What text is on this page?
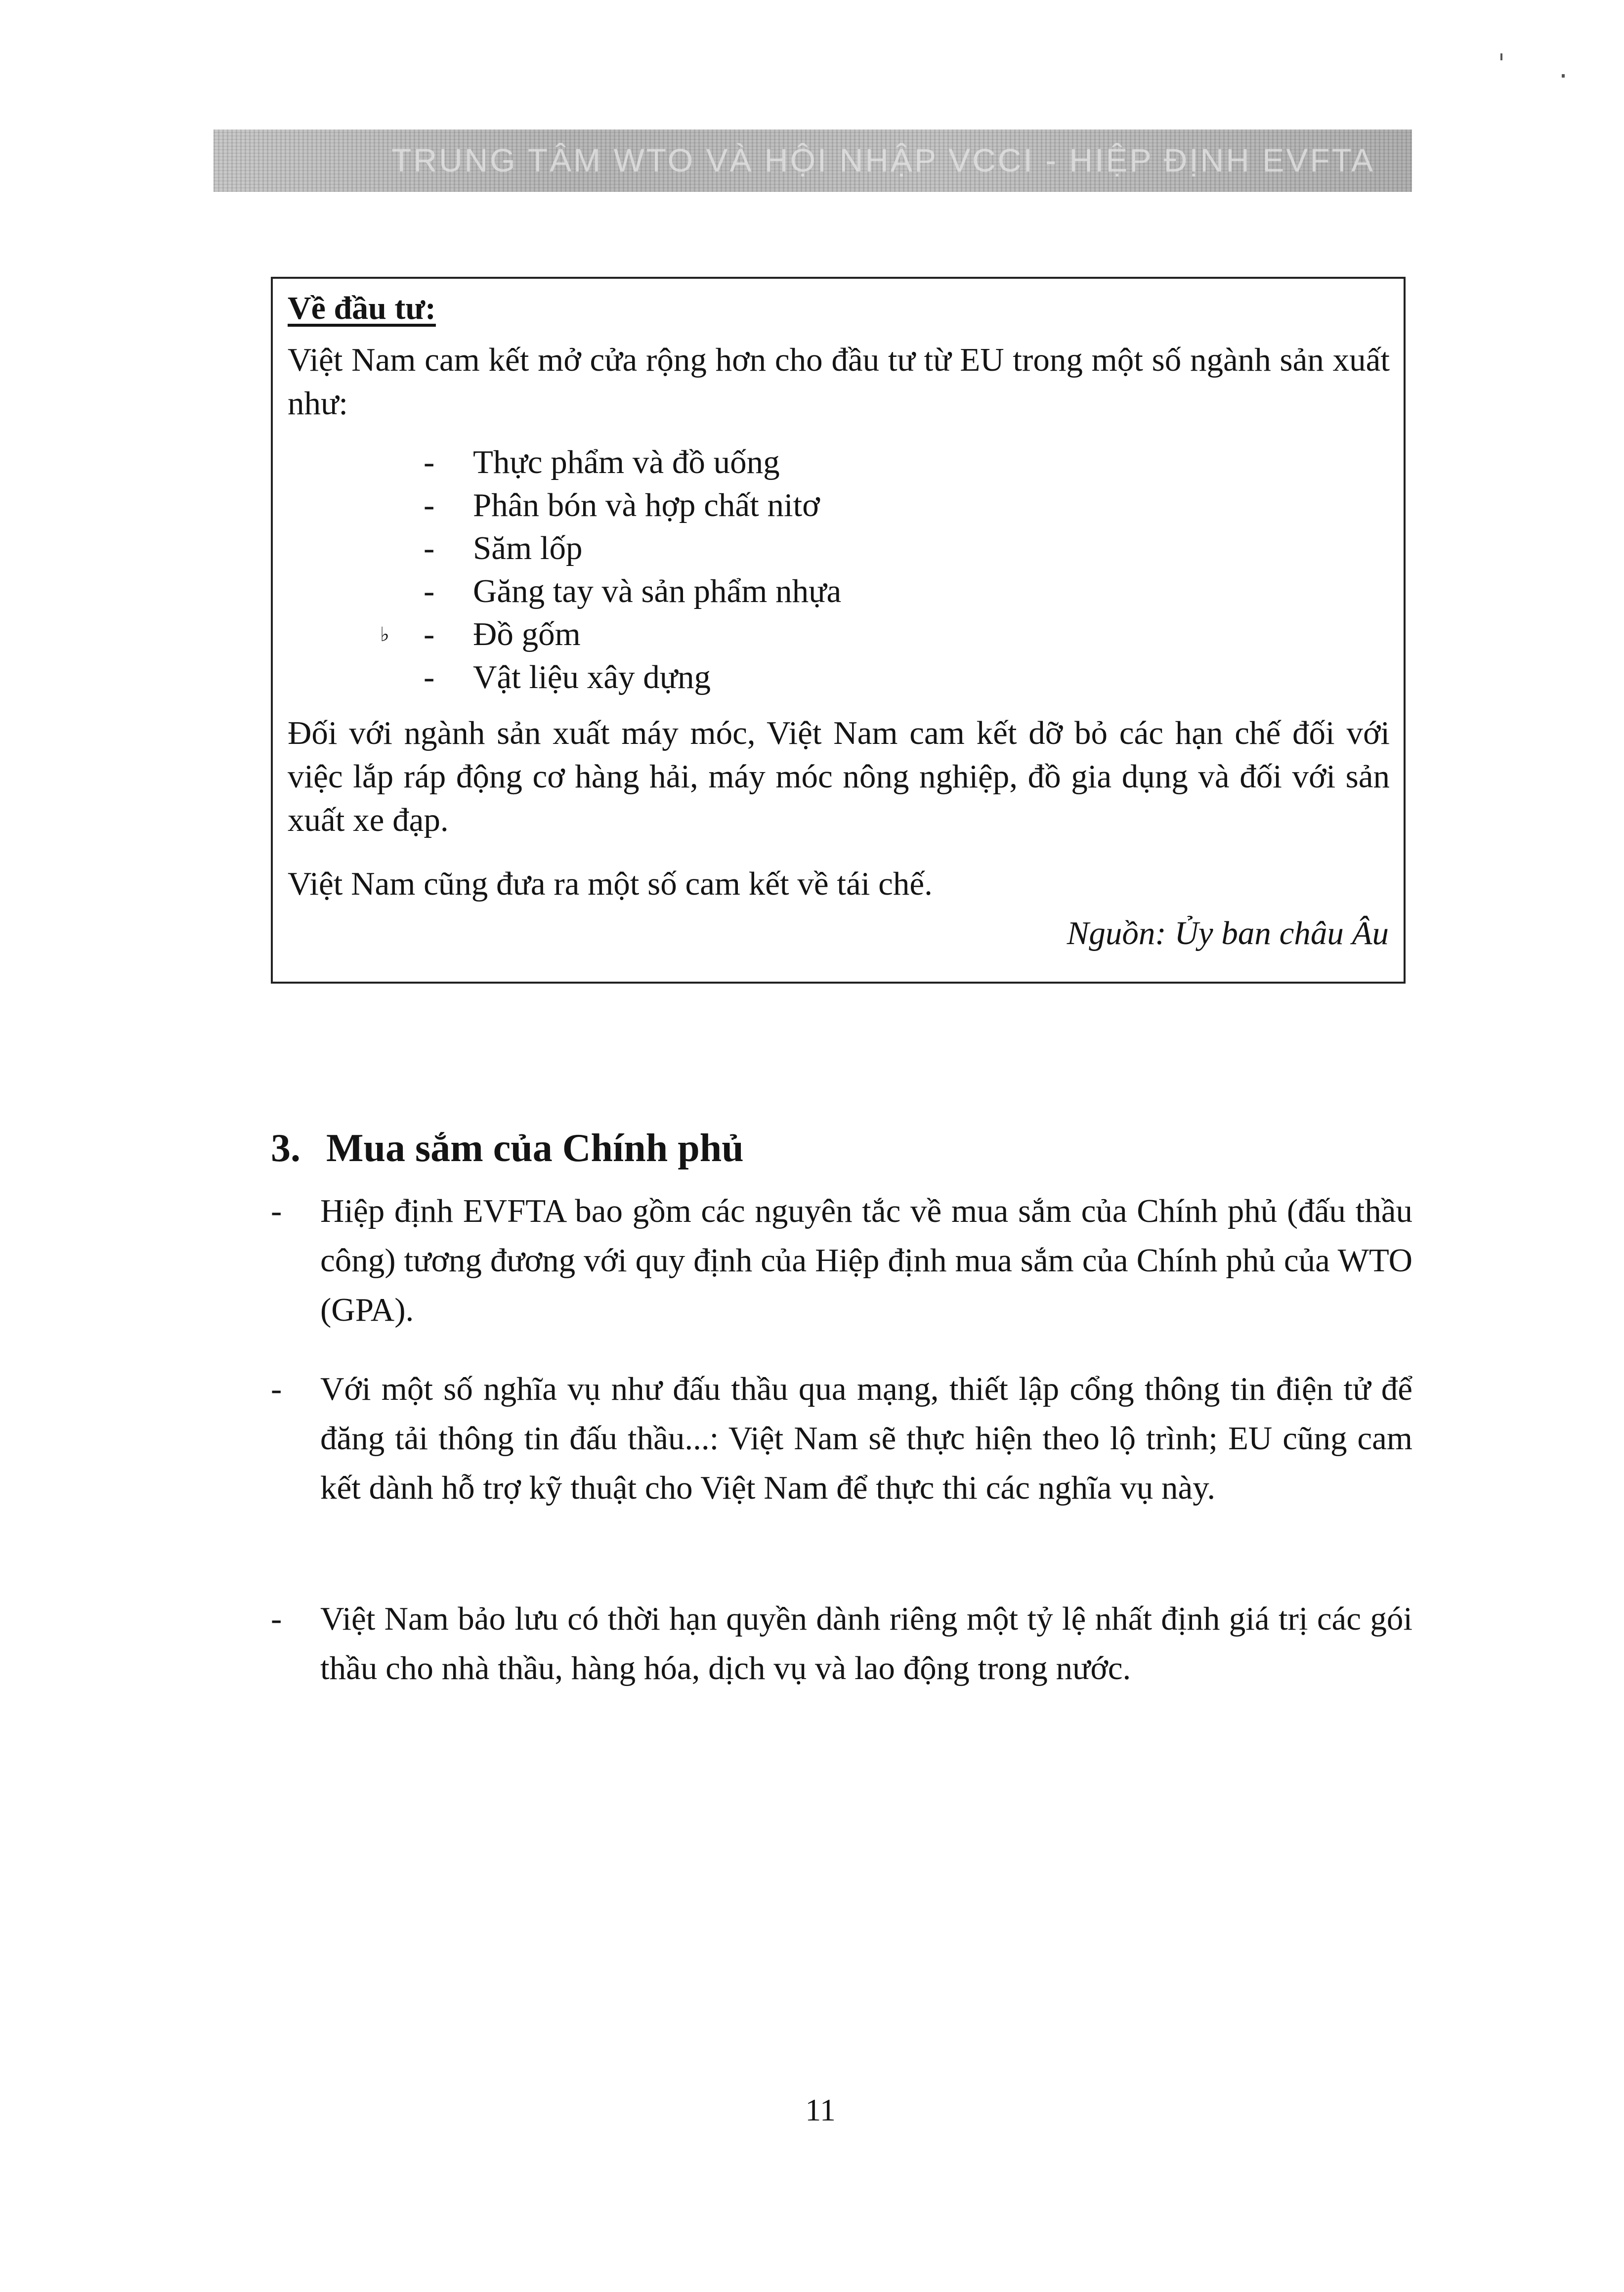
TRUNG TÂM WTO VÀ HỘI NHẬP VCCI - HIỆP ĐỊNH EVFTA
Về đầu tư:
Việt Nam cam kết mở cửa rộng hơn cho đầu tư từ EU trong một số ngành sản xuất như:
- Thực phẩm và đồ uống
- Phân bón và hợp chất nitơ
- Săm lốp
- Găng tay và sản phẩm nhựa
- ♭	Đồ gốm
- Vật liệu xây dựng
Đối với ngành sản xuất máy móc, Việt Nam cam kết dỡ bỏ các hạn chế đối với việc lắp ráp động cơ hàng hải, máy móc nông nghiệp, đồ gia dụng và đối với sản xuất xe đạp.
Việt Nam cũng đưa ra một số cam kết về tái chế.
Nguồn: Ủy ban châu Âu
3. Mua sắm của Chính phủ
- Hiệp định EVFTA bao gồm các nguyên tắc về mua sắm của Chính phủ (đấu thầu công) tương đương với quy định của Hiệp định mua sắm của Chính phủ của WTO (GPA).
- Với một số nghĩa vụ như đấu thầu qua mạng, thiết lập cổng thông tin điện tử để đăng tải thông tin đấu thầu...: Việt Nam sẽ thực hiện theo lộ trình; EU cũng cam kết dành hỗ trợ kỹ thuật cho Việt Nam để thực thi các nghĩa vụ này.
- Việt Nam bảo lưu có thời hạn quyền dành riêng một tỷ lệ nhất định giá trị các gói thầu cho nhà thầu, hàng hóa, dịch vụ và lao động trong nước.
11
